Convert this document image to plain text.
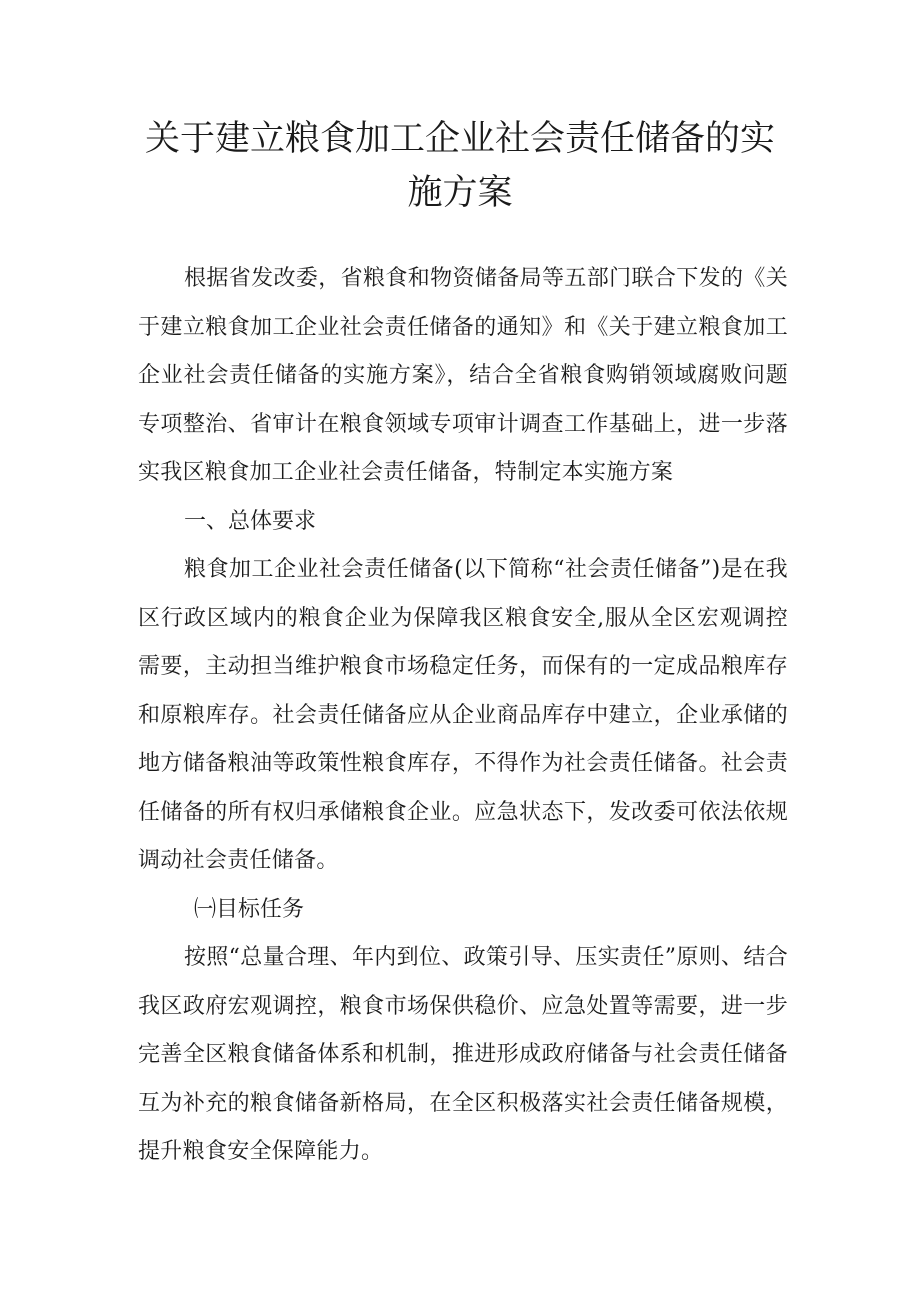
关于建立粮食加工企业社会责任储备的实施方案

根据省发改委，省粮食和物资储备局等五部门联合下发的《关于建立粮食加工企业社会责任储备的通知》和《关于建立粮食加工企业社会责任储备的实施方案》，结合全省粮食购销领域腐败问题专项整治、省审计在粮食领域专项审计调查工作基础上，进一步落实我区粮食加工企业社会责任储备，特制定本实施方案

一、总体要求

粮食加工企业社会责任储备(以下简称“社会责任储备”)是在我区行政区域内的粮食企业为保障我区粮食安全,服从全区宏观调控需要，主动担当维护粮食市场稳定任务，而保有的一定成品粮库存和原粮库存。社会责任储备应从企业商品库存中建立，企业承储的地方储备粮油等政策性粮食库存，不得作为社会责任储备。社会责任储备的所有权归承储粮食企业。应急状态下，发改委可依法依规调动社会责任储备。

㈠目标任务

按照“总量合理、年内到位、政策引导、压实责任”原则、结合我区政府宏观调控，粮食市场保供稳价、应急处置等需要，进一步完善全区粮食储备体系和机制，推进形成政府储备与社会责任储备互为补充的粮食储备新格局，在全区积极落实社会责任储备规模，提升粮食安全保障能力。
